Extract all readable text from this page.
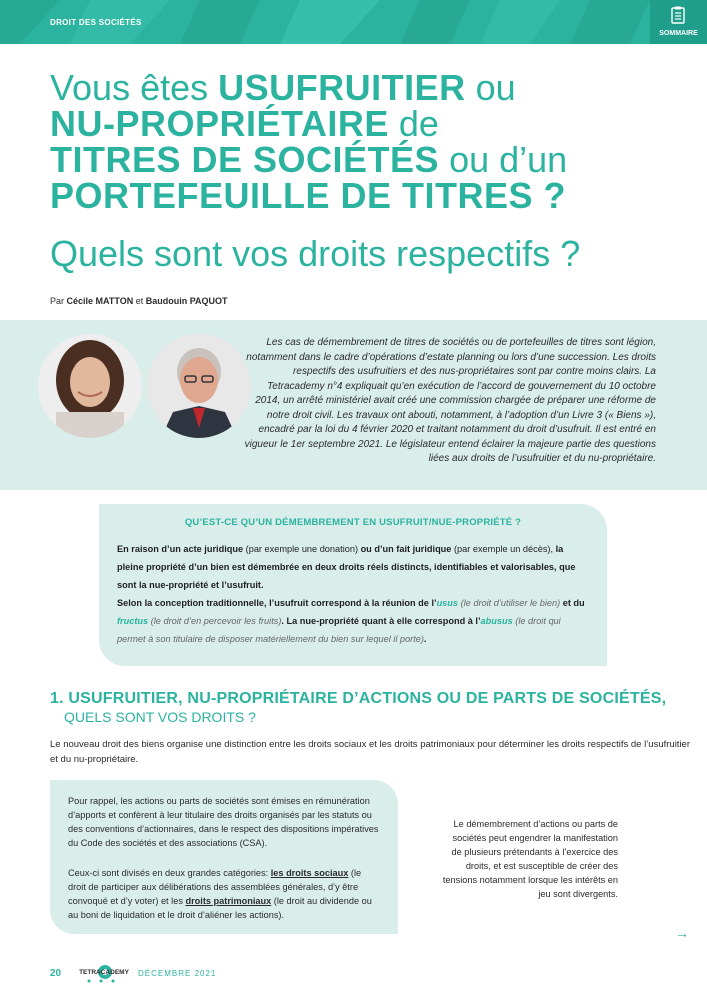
DROIT DES SOCIÉTÉS
SOMMAIRE
Vous êtes USUFRUITIER ou
NU-PROPRIÉTAIRE de
TITRES DE SOCIÉTÉS ou d’un
PORTEFEUILLE DE TITRES ?
Quels sont vos droits respectifs ?
Par Cécile MATTON et Baudouin PAQUOT
Les cas de démembrement de titres de sociétés ou de portefeuilles de titres sont légion, notamment dans le cadre d’opérations d’estate planning ou lors d’une succession. Les droits respectifs des usufruitiers et des nus-propriétaires sont par contre moins clairs. La Tetracademy n°4 expliquait qu’en exécution de l’accord de gouvernement du 10 octobre 2014, un arrêté ministériel avait créé une commission chargée de préparer une réforme de notre droit civil. Les travaux ont abouti, notamment, à l’adoption d’un Livre 3 (« Biens »), encadré par la loi du 4 février 2020 et traitant notamment du droit d’usufruit. Il est entré en vigueur le 1er septembre 2021. Le législateur entend éclairer la majeure partie des questions liées aux droits de l’usufruitier et du nu-propriétaire.
QU’EST-CE QU’UN DÉMEMBREMENT EN USUFRUIT/NUE-PROPRIÉTÉ ?
En raison d’un acte juridique (par exemple une donation) ou d’un fait juridique (par exemple un décès), la pleine propriété d’un bien est démembrée en deux droits réels distincts, identifiables et valorisables, que sont la nue-propriété et l’usufruit.
Selon la conception traditionnelle, l’usufruit correspond à la réunion de l’usus (le droit d’utiliser le bien) et du fructus (le droit d’en percevoir les fruits). La nue-propriété quant à elle correspond à l’abusus (le droit qui permet à son titulaire de disposer matériellement du bien sur lequel il porte).
1. USUFRUITIER, NU-PROPRIÉTAIRE D’ACTIONS OU DE PARTS DE SOCIÉTÉS,
QUELS SONT VOS DROITS ?
Le nouveau droit des biens organise une distinction entre les droits sociaux et les droits patrimoniaux pour déterminer les droits respectifs de l’usufruitier et du nu-propriétaire.
Pour rappel, les actions ou parts de sociétés sont émises en rémunération d’apports et confèrent à leur titulaire des droits organisés par les statuts ou des conventions d’actionnaires, dans le respect des dispositions impératives du Code des sociétés et des associations (CSA).
Ceux-ci sont divisés en deux grandes catégories: les droits sociaux (le droit de participer aux délibérations des assemblées générales, d’y être convoqué et d’y voter) et les droits patrimoniaux (le droit au dividende ou au boni de liquidation et le droit d’aliéner les actions).
Le démembrement d’actions ou parts de sociétés peut engendrer la manifestation de plusieurs prétendants à l’exercice des droits, et est susceptible de créer des tensions notamment lorsque les intérêts en jeu sont divergents.
→
20	TETRACADEMY DÉCEMBRE 2021
